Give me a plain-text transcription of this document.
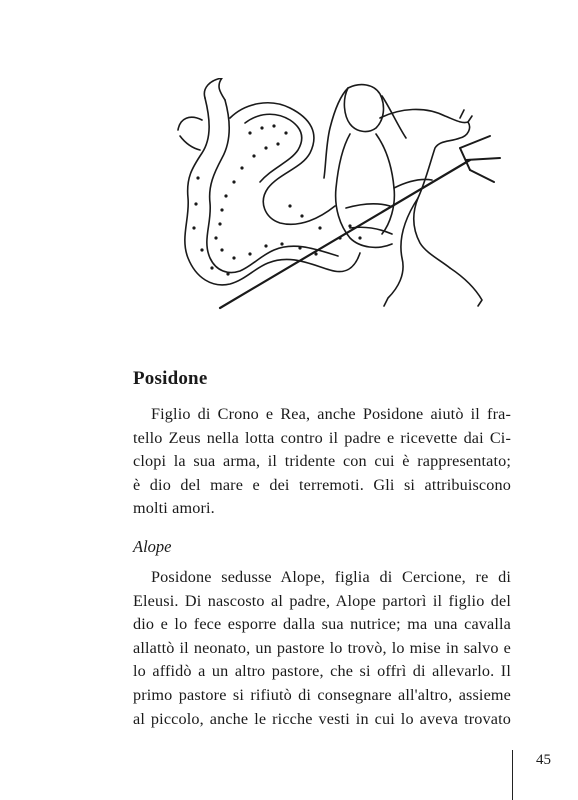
Posidone
Figlio di Crono e Rea, anche Posidone aiutò il fra-
tello Zeus nella lotta contro il padre e ricevette dai Ci-
clopi la sua arma, il tridente con cui è rappresentato;
è dio del mare e dei terremoti. Gli si attribuiscono
molti amori.
Alope
Posidone sedusse Alope, figlia di Cercione, re di
Eleusi. Di nascosto al padre, Alope partorì il figlio del
dio e lo fece esporre dalla sua nutrice; ma una cavalla
allattò il neonato, un pastore lo trovò, lo mise in salvo e
lo affidò a un altro pastore, che si offrì di allevarlo. Il
primo pastore si rifiutò di consegnare all'altro, assieme
al piccolo, anche le ricche vesti in cui lo aveva trovato
45
